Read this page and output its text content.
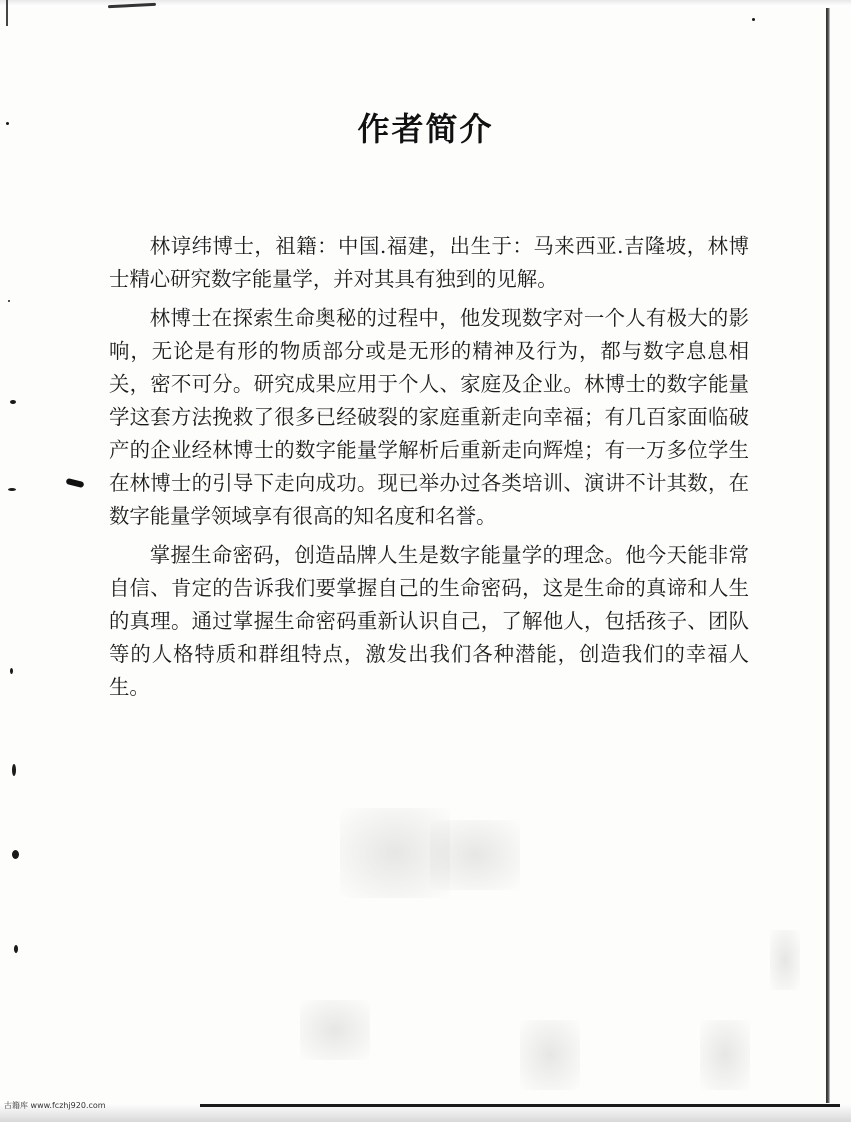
作者简介

林谆纬博士，祖籍：中国.福建，出生于：马来西亚.吉隆坡，林博士精心研究数字能量学，并对其具有独到的见解。

林博士在探索生命奥秘的过程中，他发现数字对一个人有极大的影响，无论是有形的物质部分或是无形的精神及行为，都与数字息息相关，密不可分。研究成果应用于个人、家庭及企业。林博士的数字能量学这套方法挽救了很多已经破裂的家庭重新走向幸福；有几百家面临破产的企业经林博士的数字能量学解析后重新走向辉煌；有一万多位学生在林博士的引导下走向成功。现已举办过各类培训、演讲不计其数，在数字能量学领域享有很高的知名度和名誉。

掌握生命密码，创造品牌人生是数字能量学的理念。他今天能非常自信、肯定的告诉我们要掌握自己的生命密码，这是生命的真谛和人生的真理。通过掌握生命密码重新认识自己，了解他人，包括孩子、团队等的人格特质和群组特点，激发出我们各种潜能，创造我们的幸福人生。

古籍库 www.fczhj920.com
